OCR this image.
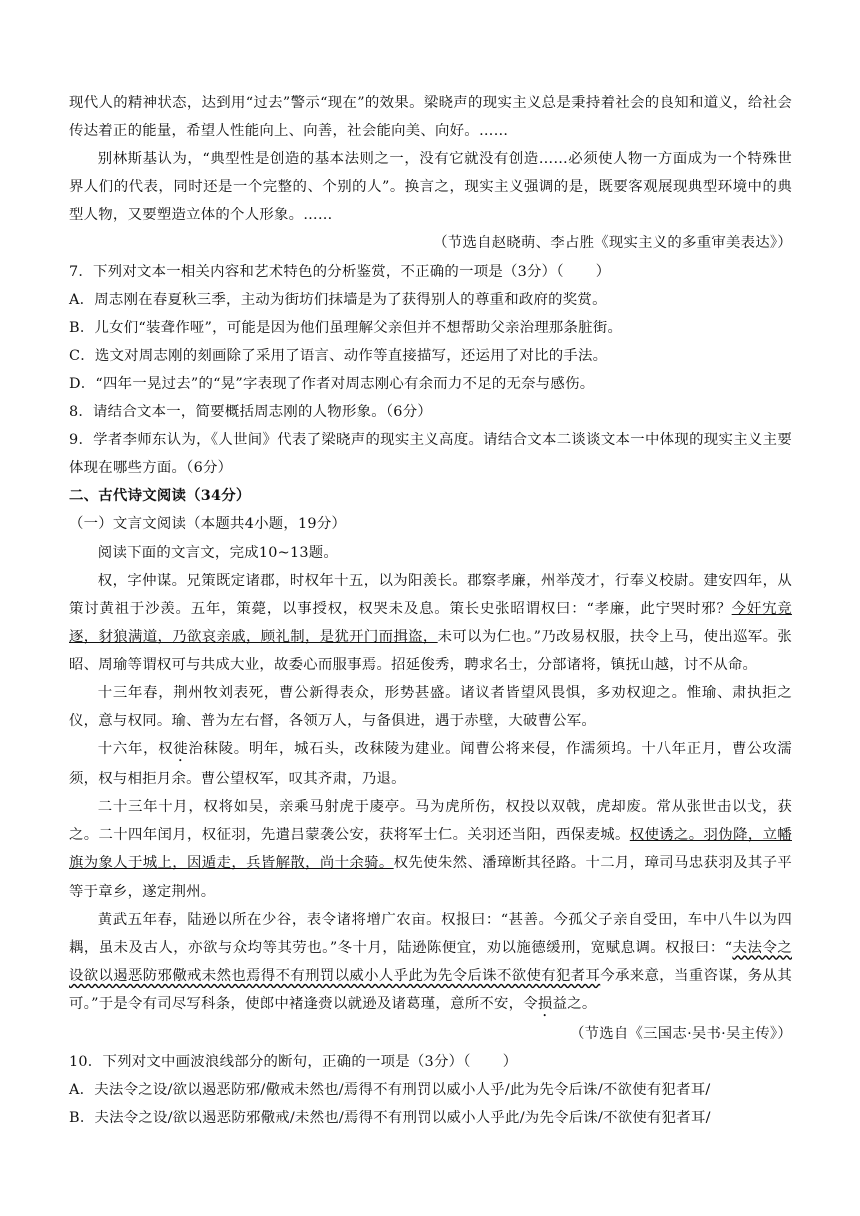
现代人的精神状态，达到用“过去”警示“现在”的效果。梁晓声的现实主义总是秉持着社会的良知和道义，给社会传达着正的能量，希望人性能向上、向善，社会能向美、向好。……

别林斯基认为，“典型性是创造的基本法则之一，没有它就没有创造……必须使人物一方面成为一个特殊世界人们的代表，同时还是一个完整的、个别的人”。换言之，现实主义强调的是，既要客观展现典型环境中的典型人物，又要塑造立体的个人形象。……

（节选自赵晓萌、李占胜《现实主义的多重审美表达》）

7．下列对文本一相关内容和艺术特色的分析鉴赏，不正确的一项是（3分）（ ）

A．周志刚在春夏秋三季，主动为街坊们抹墙是为了获得别人的尊重和政府的奖赏。

B．儿女们“装聋作哑”，可能是因为他们虽理解父亲但并不想帮助父亲治理那条脏街。

C．选文对周志刚的刻画除了采用了语言、动作等直接描写，还运用了对比的手法。

D．“四年一晃过去”的“晃”字表现了作者对周志刚心有余而力不足的无奈与感伤。

8．请结合文本一，简要概括周志刚的人物形象。（6分）

9．学者李师东认为，《人世间》代表了梁晓声的现实主义高度。请结合文本二谈谈文本一中体现的现实主义主要体现在哪些方面。（6分）

二、古代诗文阅读（34分）

（一）文言文阅读（本题共4小题，19分）

阅读下面的文言文，完成10~13题。

权，字仲谋。兄策既定诸郡，时权年十五，以为阳羡长。郡察孝廉，州举茂才，行奉义校尉。建安四年，从策讨黄祖于沙羡。五年，策薨，以事授权，权哭未及息。策长史张昭谓权曰：“孝廉，此宁哭时邪？今奸宄竞逐，豺狼满道，乃欲哀亲戚，顾礼制，是犹开门而揖盗，未可以为仁也。”乃改易权服，扶令上马，使出巡军。张昭、周瑜等谓权可与共成大业，故委心而服事焉。招延俊秀，聘求名士，分部诸将，镇抚山越，讨不从命。

十三年春，荆州牧刘表死，曹公新得表众，形势甚盛。诸议者皆望风畏惧，多劝权迎之。惟瑜、肃执拒之仪，意与权同。瑜、普为左右督，各领万人，与备俱进，遇于赤壁，大破曹公军。

十六年，权徙治秣陵。明年，城石头，改秣陵为建业。闻曹公将来侵，作濡须坞。十八年正月，曹公攻濡须，权与相拒月余。曹公望权军，叹其齐肃，乃退。

二十三年十月，权将如吴，亲乘马射虎于庱亭。马为虎所伤，权投以双戟，虎却废。常从张世击以戈，获之。二十四年闰月，权征羽，先遣吕蒙袭公安，获将军士仁。关羽还当阳，西保麦城。权使诱之。羽伪降，立幡旗为象人于城上，因遁走，兵皆解散，尚十余骑。权先使朱然、潘璋断其径路。十二月，璋司马忠获羽及其子平等于章乡，遂定荆州。

黄武五年春，陆逊以所在少谷，表令诸将增广农亩。权报曰：“甚善。今孤父子亲自受田，车中八牛以为四耦，虽未及古人，亦欲与众均等其劳也。”冬十月，陆逊陈便宜，劝以施德缓刑，宽赋息调。权报曰：“夫法令之设欲以遏恶防邪儆戒未然也焉得不有刑罚以威小人乎此为先令后诛不欲使有犯者耳今承来意，当重咨谋，务从其可。”于是令有司尽写科条，使郎中褚逢赍以就逊及诸葛瑾，意所不安，令损益之。

（节选自《三国志·吴书·吴主传》）

10．下列对文中画波浪线部分的断句，正确的一项是（3分）（ ）

A．夫法令之设/欲以遏恶防邪/儆戒未然也/焉得不有刑罚以威小人乎/此为先令后诛/不欲使有犯者耳/

B．夫法令之设/欲以遏恶防邪儆戒/未然也/焉得不有刑罚以威小人乎此/为先令后诛/不欲使有犯者耳/
